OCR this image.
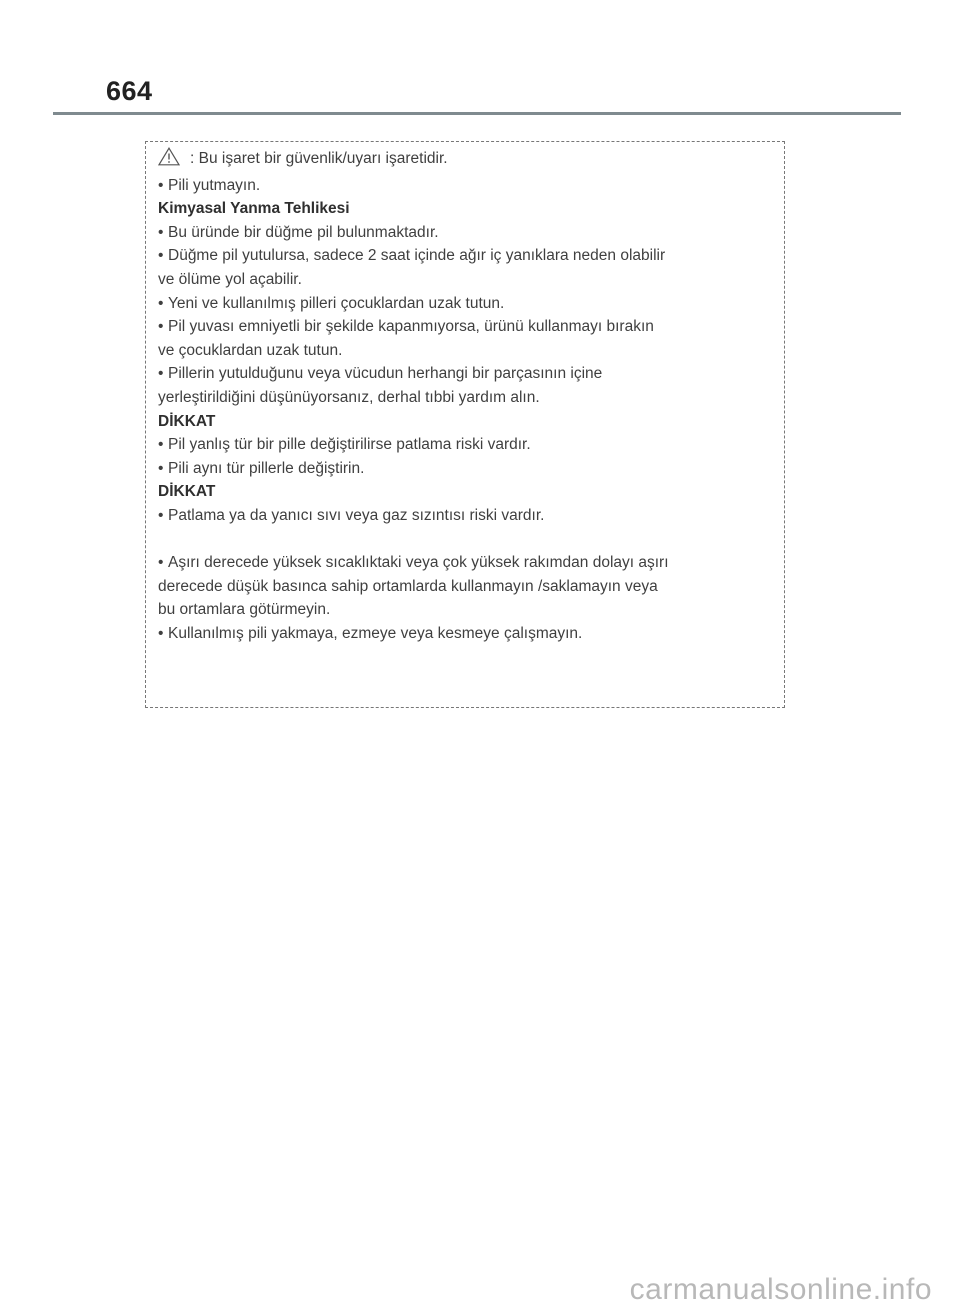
664
: Bu işaret bir güvenlik/uyarı işaretidir.
• Pili yutmayın.
Kimyasal Yanma Tehlikesi
• Bu üründe bir düğme pil bulunmaktadır.
• Düğme pil yutulursa, sadece 2 saat içinde ağır iç yanıklara neden olabilir
ve ölüme yol açabilir.
• Yeni ve kullanılmış pilleri çocuklardan uzak tutun.
• Pil yuvası emniyetli bir şekilde kapanmıyorsa, ürünü kullanmayı bırakın
ve çocuklardan uzak tutun.
• Pillerin yutulduğunu veya vücudun herhangi bir parçasının içine
yerleştirildiğini düşünüyorsanız, derhal tıbbi yardım alın.
DİKKAT
• Pil yanlış tür bir pille değiştirilirse patlama riski vardır.
• Pili aynı tür pillerle değiştirin.
DİKKAT
• Patlama ya da yanıcı sıvı veya gaz sızıntısı riski vardır.
• Aşırı derecede yüksek sıcaklıktaki veya çok yüksek rakımdan dolayı aşırı
derecede düşük basınca sahip ortamlarda kullanmayın /saklamayın veya
bu ortamlara götürmeyin.
• Kullanılmış pili yakmaya, ezmeye veya kesmeye çalışmayın.
carmanualsonline.info
